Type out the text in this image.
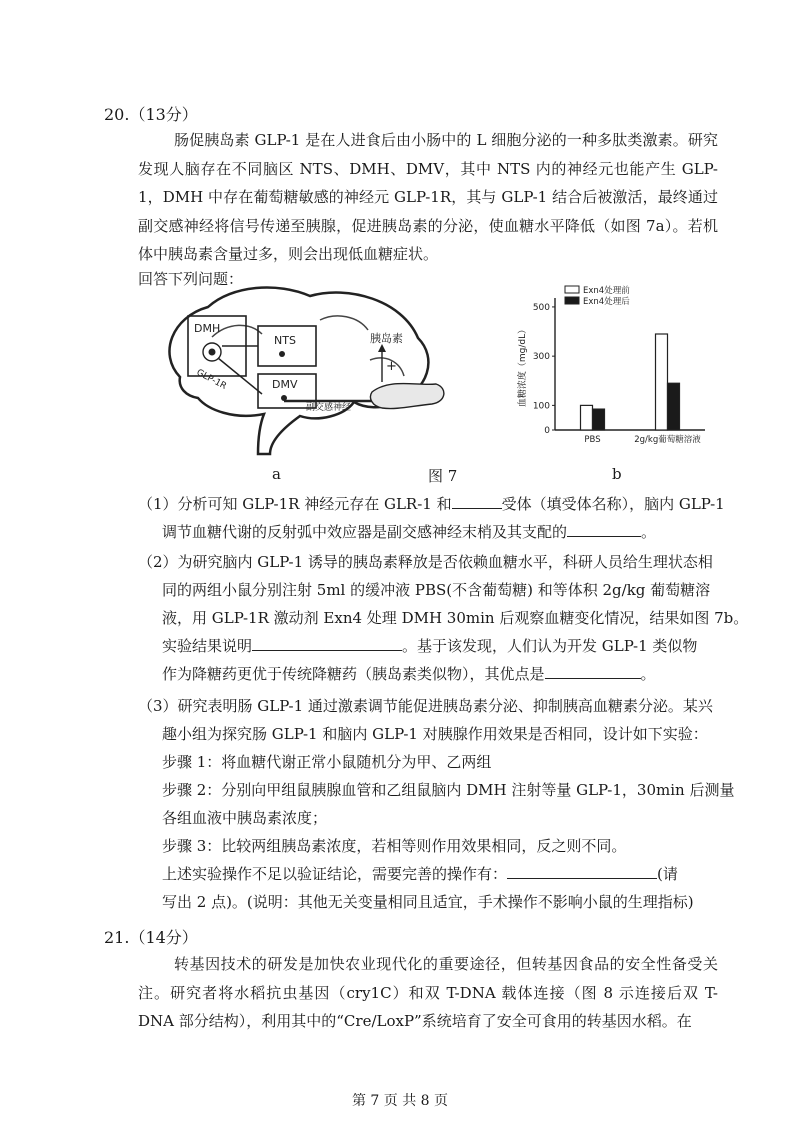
20.（13分）

肠促胰岛素 GLP-1 是在人进食后由小肠中的 L 细胞分泌的一种多肽类激素。研究发现人脑存在不同脑区 NTS、DMH、DMV，其中 NTS 内的神经元也能产生 GLP-1，DMH 中存在葡萄糖敏感的神经元 GLP-1R，其与 GLP-1 结合后被激活，最终通过副交感神经将信号传递至胰腺，促进胰岛素的分泌，使血糖水平降低（如图 7a）。若机体中胰岛素含量过多，则会出现低血糖症状。

回答下列问题：
DMH
GLP-1R
NTS
DMV
副交感神经
胰岛素
+
0
100
300
500
血糖浓度（mg/dL）
PBS	2g/kg葡萄糖溶液
Exn4处理前
Exn4处理后
a	图 7	b
（1）分析可知 GLP-1R 神经元存在 GLR-1 和	受体（填受体名称），脑内 GLP-1
调节血糖代谢的反射弧中效应器是副交感神经末梢及其支配的	。
（2）为研究脑内 GLP-1 诱导的胰岛素释放是否依赖血糖水平，科研人员给生理状态相
同的两组小鼠分别注射 5ml 的缓冲液 PBS(不含葡萄糖) 和等体积 2g/kg 葡萄糖溶
液，用 GLP-1R 激动剂 Exn4 处理 DMH 30min 后观察血糖变化情况，结果如图 7b。
实验结果说明	。基于该发现，人们认为开发 GLP-1 类似物
作为降糖药更优于传统降糖药（胰岛素类似物），其优点是	。
（3）研究表明肠 GLP-1 通过激素调节能促进胰岛素分泌、抑制胰高血糖素分泌。某兴
趣小组为探究肠 GLP-1 和脑内 GLP-1 对胰腺作用效果是否相同，设计如下实验：
步骤 1：将血糖代谢正常小鼠随机分为甲、乙两组
步骤 2：分别向甲组鼠胰腺血管和乙组鼠脑内 DMH 注射等量 GLP-1，30min 后测量
各组血液中胰岛素浓度；
步骤 3：比较两组胰岛素浓度，若相等则作用效果相同，反之则不同。
上述实验操作不足以验证结论，需要完善的操作有：	(请
写出 2 点)。(说明：其他无关变量相同且适宜，手术操作不影响小鼠的生理指标)
21.（14分）

转基因技术的研发是加快农业现代化的重要途径，但转基因食品的安全性备受关注。研究者将水稻抗虫基因（cry1C）和双 T-DNA 载体连接（图 8 示连接后双 T-DNA 部分结构），利用其中的“Cre/LoxP”系统培育了安全可食用的转基因水稻。在

第 7 页 共 8 页
